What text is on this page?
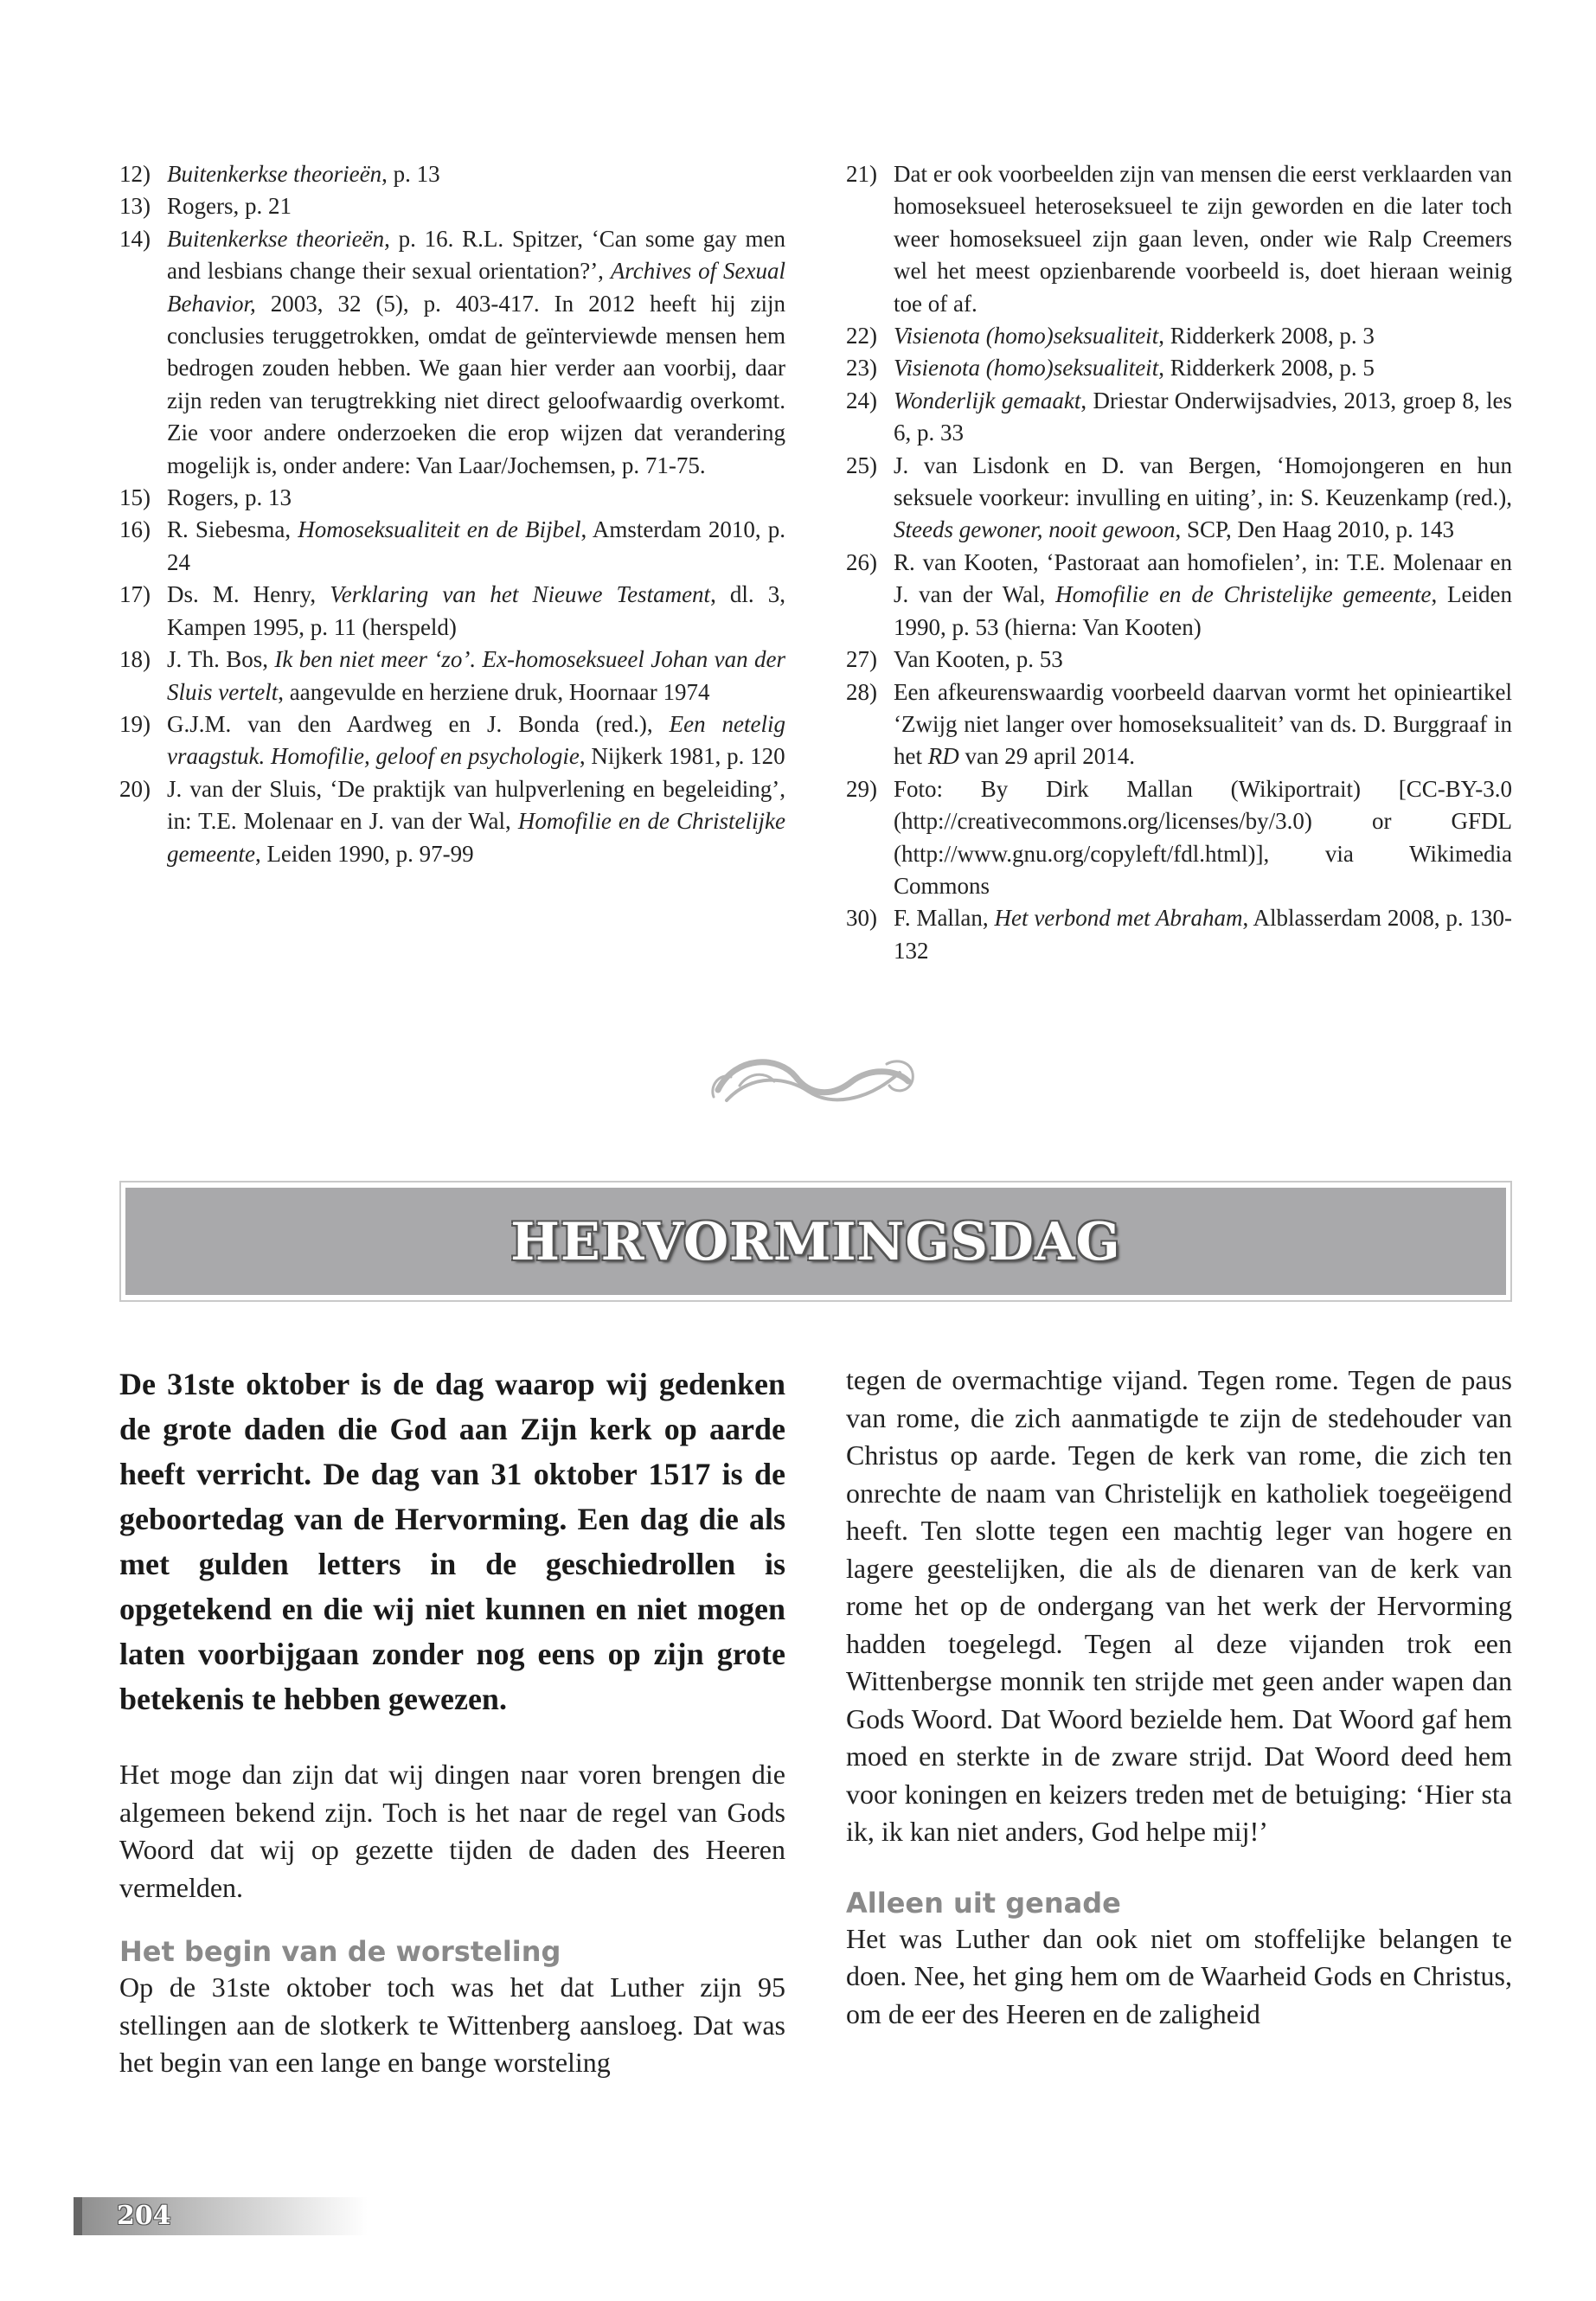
12) Buitenkerkse theorieën, p. 13
13) Rogers, p. 21
14) Buitenkerkse theorieën, p. 16. R.L. Spitzer, ‘Can some gay men and lesbians change their sexual orientation?’, Archives of Sexual Behavior, 2003, 32 (5), p. 403-417. In 2012 heeft hij zijn conclusies teruggetrokken, omdat de geïnterviewde mensen hem bedrogen zouden hebben. We gaan hier verder aan voorbij, daar zijn reden van terugtrekking niet direct geloofwaardig overkomt. Zie voor andere onderzoeken die erop wijzen dat verandering mogelijk is, onder andere: Van Laar/Jochemsen, p. 71-75.
15) Rogers, p. 13
16) R. Siebesma, Homoseksualiteit en de Bijbel, Amsterdam 2010, p. 24
17) Ds. M. Henry, Verklaring van het Nieuwe Testament, dl. 3, Kampen 1995, p. 11 (herspeld)
18) J. Th. Bos, Ik ben niet meer ‘zo’. Ex-homoseksueel Johan van der Sluis vertelt, aangevulde en herziene druk, Hoornaar 1974
19) G.J.M. van den Aardweg en J. Bonda (red.), Een netelig vraagstuk. Homofilie, geloof en psychologie, Nijkerk 1981, p. 120
20) J. van der Sluis, ‘De praktijk van hulpverlening en begeleiding’, in: T.E. Molenaar en J. van der Wal, Homofilie en de Christelijke gemeente, Leiden 1990, p. 97-99
21) Dat er ook voorbeelden zijn van mensen die eerst verklaarden van homoseksueel heteroseksueel te zijn geworden en die later toch weer homoseksueel zijn gaan leven, onder wie Ralp Creemers wel het meest opzienbarende voorbeeld is, doet hieraan weinig toe of af.
22) Visienota (homo)seksualiteit, Ridderkerk 2008, p. 3
23) Visienota (homo)seksualiteit, Ridderkerk 2008, p. 5
24) Wonderlijk gemaakt, Driestar Onderwijsadvies, 2013, groep 8, les 6, p. 33
25) J. van Lisdonk en D. van Bergen, ‘Homojongeren en hun seksuele voorkeur: invulling en uiting’, in: S. Keuzenkamp (red.), Steeds gewoner, nooit gewoon, SCP, Den Haag 2010, p. 143
26) R. van Kooten, ‘Pastoraat aan homofielen’, in: T.E. Molenaar en J. van der Wal, Homofilie en de Christelijke gemeente, Leiden 1990, p. 53 (hierna: Van Kooten)
27) Van Kooten, p. 53
28) Een afkeurenswaardig voorbeeld daarvan vormt het opinieartikel ‘Zwijg niet langer over homoseksualiteit’ van ds. D. Burggraaf in het RD van 29 april 2014.
29) Foto: By Dirk Mallan (Wikiportrait) [CC-BY-3.0 (http://creativecommons.org/licenses/by/3.0) or GFDL (http://www.gnu.org/copyleft/fdl.html)], via Wikimedia Commons
30) F. Mallan, Het verbond met Abraham, Alblasserdam 2008, p. 130-132
HERVORMINGSDAG
De 31ste oktober is de dag waarop wij gedenken de grote daden die God aan Zijn kerk op aarde heeft verricht. De dag van 31 oktober 1517 is de geboortedag van de Hervorming. Een dag die als met gulden letters in de geschiedrollen is opgetekend en die wij niet kunnen en niet mogen laten voorbijgaan zonder nog eens op zijn grote betekenis te hebben gewezen.
Het moge dan zijn dat wij dingen naar voren brengen die algemeen bekend zijn. Toch is het naar de regel van Gods Woord dat wij op gezette tijden de daden des Heeren vermelden.
Het begin van de worsteling
Op de 31ste oktober toch was het dat Luther zijn 95 stellingen aan de slotkerk te Wittenberg aansloeg. Dat was het begin van een lange en bange worsteling
tegen de overmachtige vijand. Tegen rome. Tegen de paus van rome, die zich aanmatigde te zijn de stedehouder van Christus op aarde. Tegen de kerk van rome, die zich ten onrechte de naam van Christelijk en katholiek toegeëigend heeft. Ten slotte tegen een machtig leger van hogere en lagere geestelijken, die als de dienaren van de kerk van rome het op de ondergang van het werk der Hervorming hadden toegelegd. Tegen al deze vijanden trok een Wittenbergse monnik ten strijde met geen ander wapen dan Gods Woord. Dat Woord bezielde hem. Dat Woord gaf hem moed en sterkte in de zware strijd. Dat Woord deed hem voor koningen en keizers treden met de betuiging: ‘Hier sta ik, ik kan niet anders, God helpe mij!’
Alleen uit genade
Het was Luther dan ook niet om stoffelijke belangen te doen. Nee, het ging hem om de Waarheid Gods en Christus, om de eer des Heeren en de zaligheid
204
